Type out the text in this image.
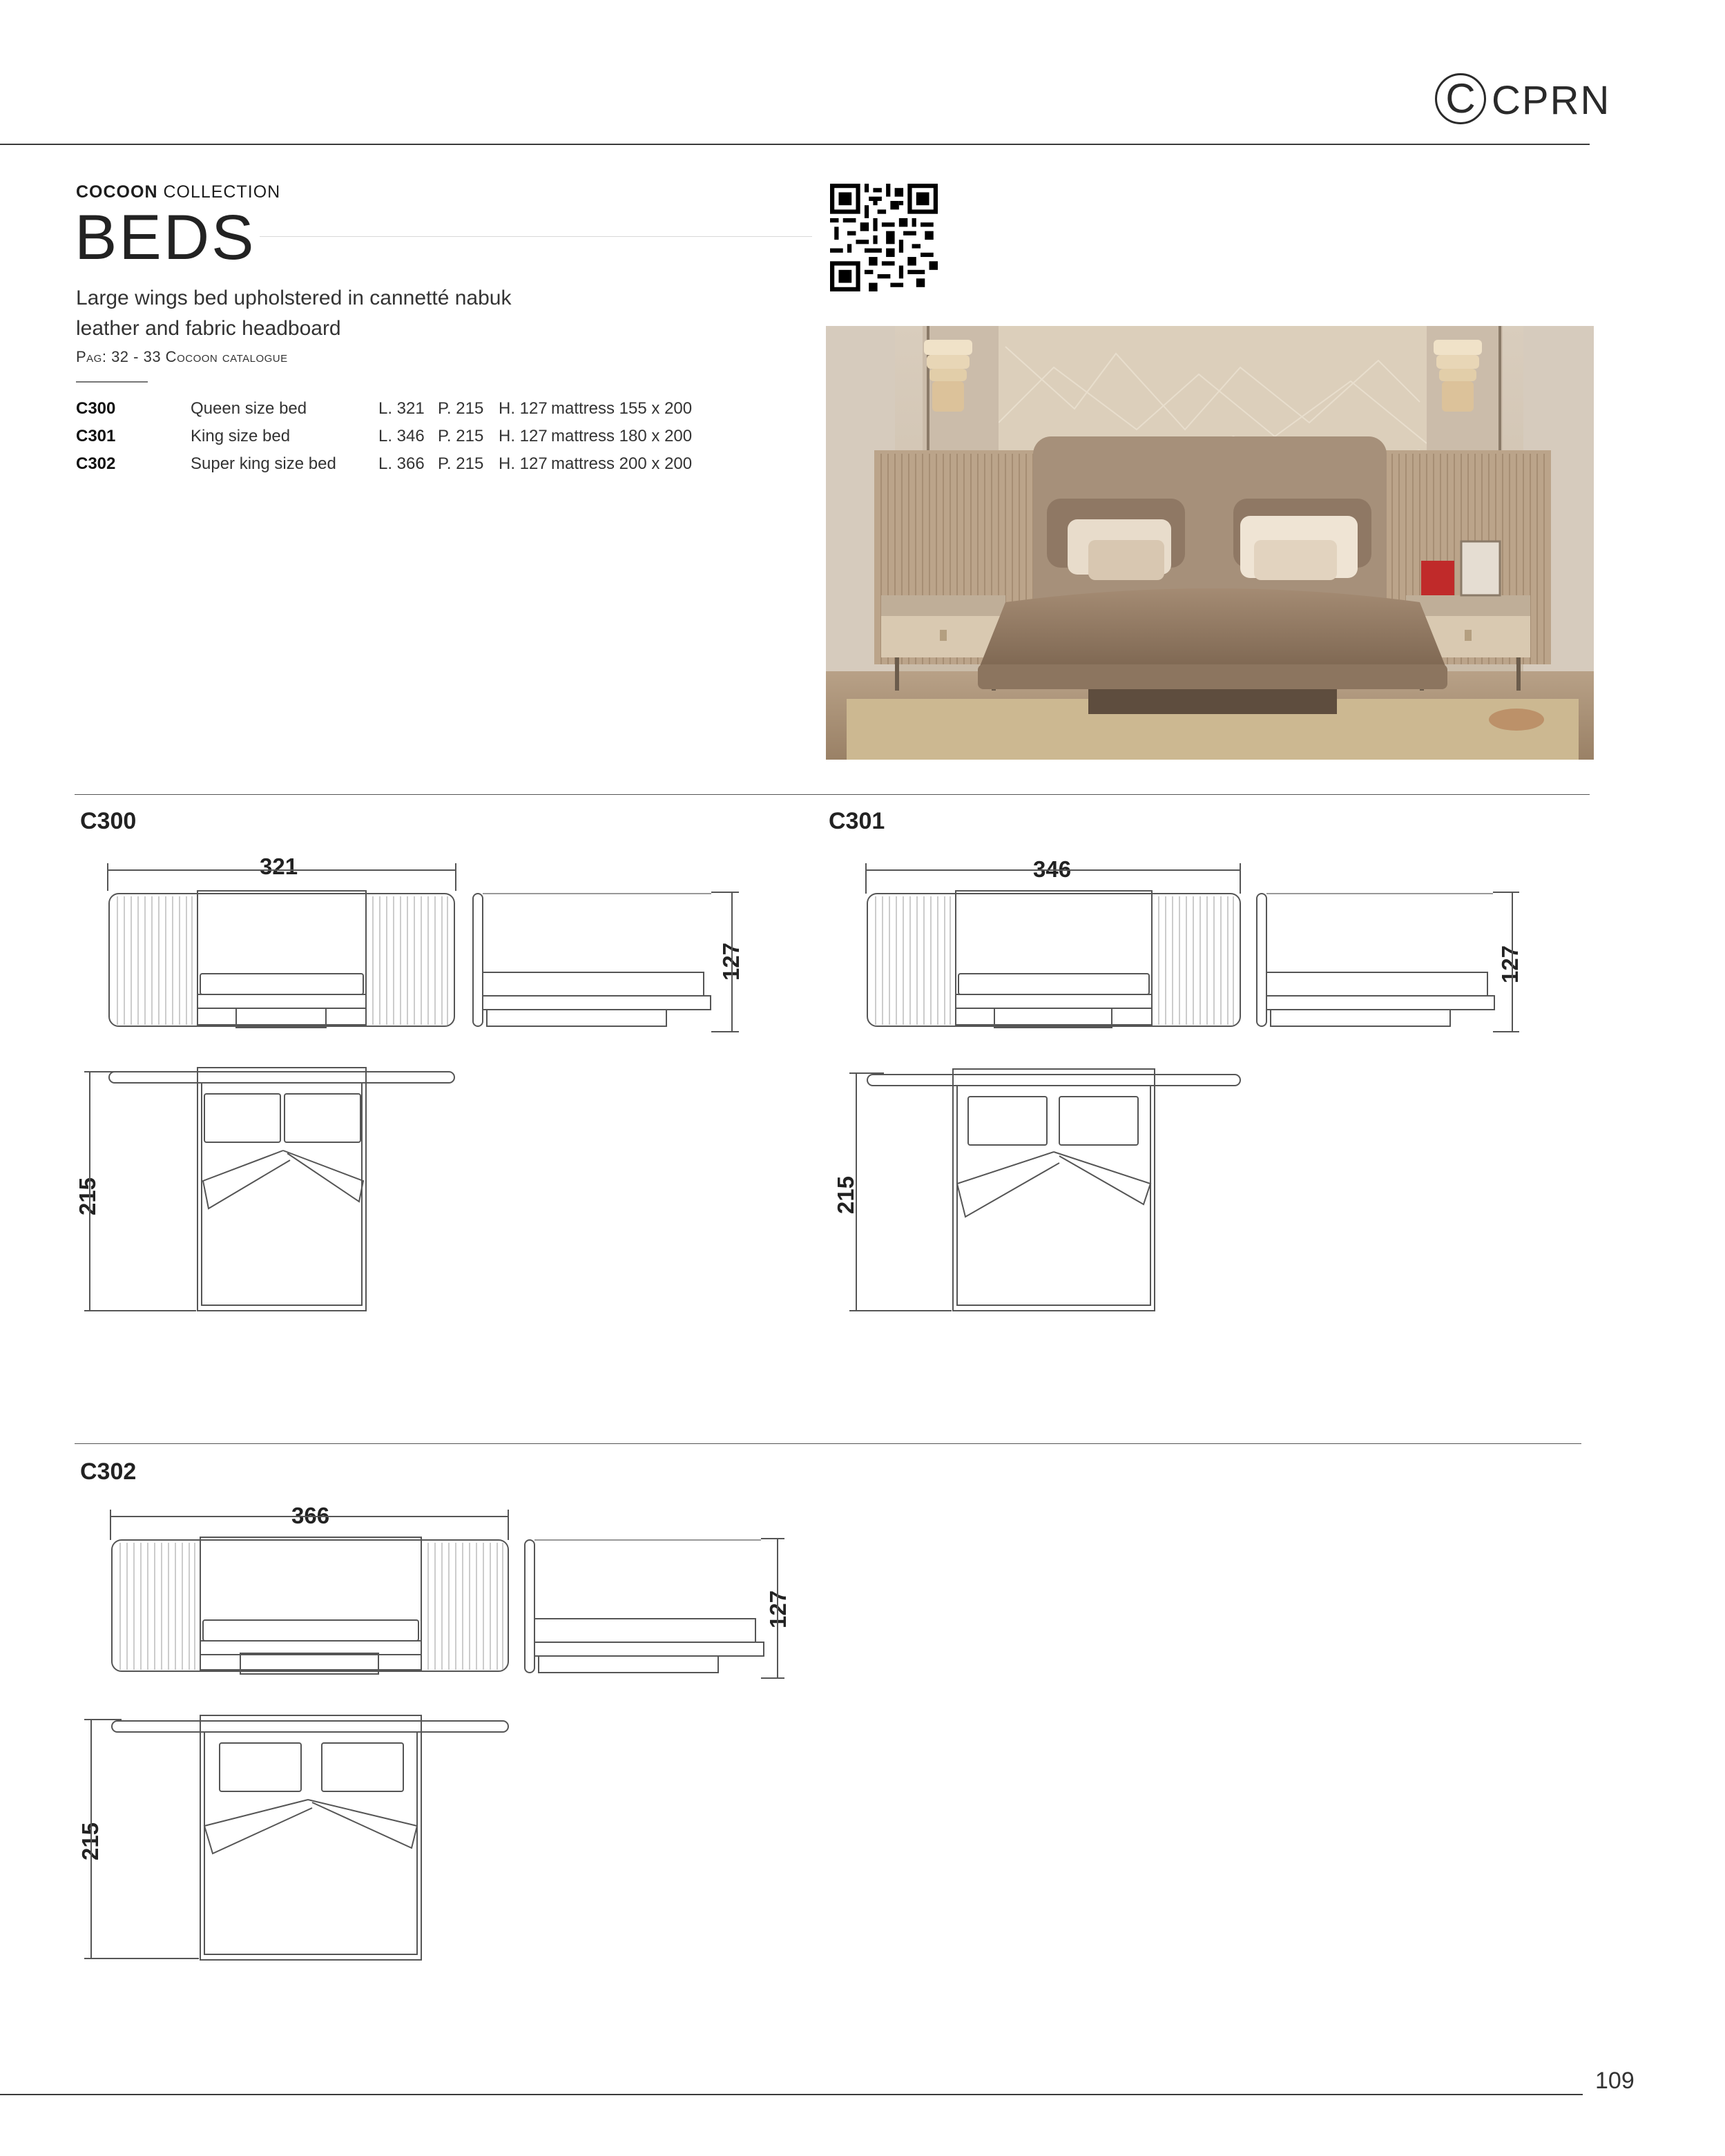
C CPRN
COCOON COLLECTION
BEDS
Large wings bed upholstered in cannetté nabuk leather and fabric headboard
Pag: 32 - 33 Cocoon catalogue
C300	Queen size bed	L. 321 P. 215 H. 127 mattress 155 x 200
C301	King size bed	L. 346 P. 215 H. 127 mattress 180 x 200
C302	Super king size bed	L. 366 P. 215 H. 127 mattress 200 x 200
C300
321
127
215
C301
346
127
215
C302
366
127
215
109
